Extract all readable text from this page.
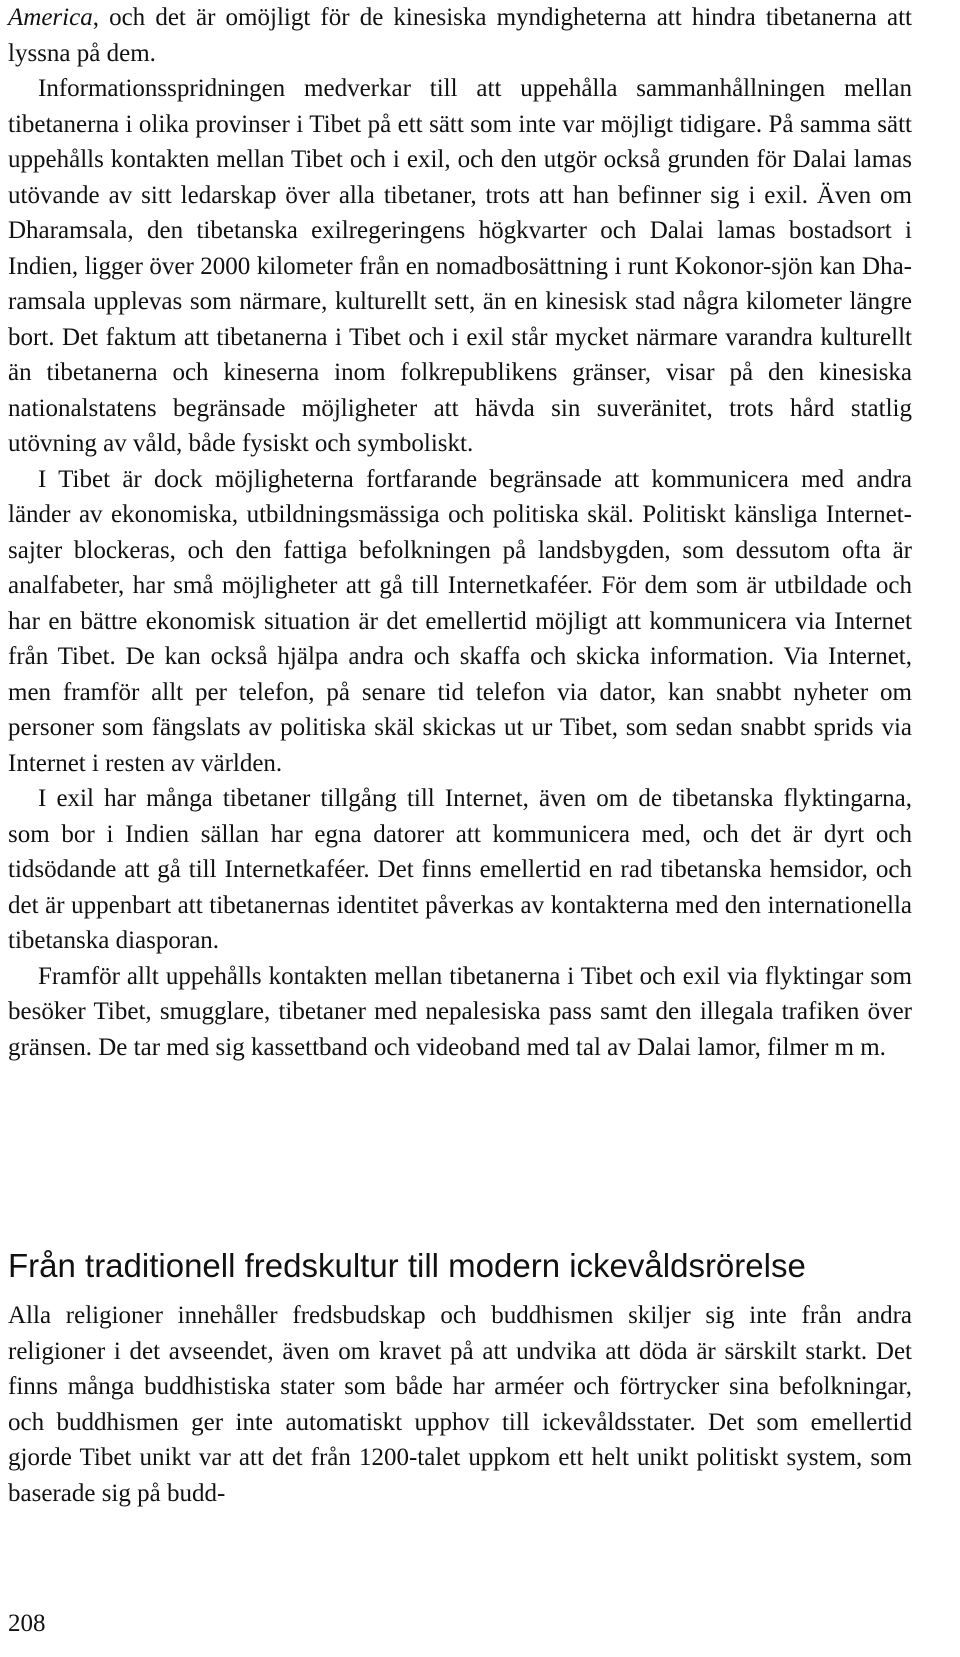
America, och det är omöjligt för de kinesiska myndigheterna att hindra tibetanerna att lyssna på dem.

Informationsspridningen medverkar till att uppehålla sammanhållningen mellan tibetanerna i olika provinser i Tibet på ett sätt som inte var möjligt tidigare. På samma sätt uppehålls kontakten mellan Tibet och i exil, och den utgör också grunden för Dalai lamas utövande av sitt ledarskap över alla tibetaner, trots att han befinner sig i exil. Även om Dharamsala, den tibetanska exilregeringens högkvarter och Dalai lamas bostadsort i Indien, ligger över 2000 kilometer från en nomadbosättning i runt Kokonor-sjön kan Dharamsala upplevas som närmare, kulturellt sett, än en kinesisk stad några kilometer längre bort. Det faktum att tibetanerna i Tibet och i exil står mycket närmare varandra kulturellt än tibetanerna och kineserna inom folkrepublikens gränser, visar på den kinesiska nationalstatens begränsade möjligheter att hävda sin suveränitet, trots hård statlig utövning av våld, både fysiskt och symboliskt.

I Tibet är dock möjligheterna fortfarande begränsade att kommunicera med andra länder av ekonomiska, utbildningsmässiga och politiska skäl. Politiskt känsliga Internet-sajter blockeras, och den fattiga befolkningen på landsbygden, som dessutom ofta är analfabeter, har små möjligheter att gå till Internetkaféer. För dem som är utbildade och har en bättre ekonomisk situation är det emellertid möjligt att kommunicera via Internet från Tibet. De kan också hjälpa andra och skaffa och skicka information. Via Internet, men framför allt per telefon, på senare tid telefon via dator, kan snabbt nyheter om personer som fängslats av politiska skäl skickas ut ur Tibet, som sedan snabbt sprids via Internet i resten av världen.

I exil har många tibetaner tillgång till Internet, även om de tibetanska flyktingarna, som bor i Indien sällan har egna datorer att kommunicera med, och det är dyrt och tidsödande att gå till Internetkaféer. Det finns emellertid en rad tibetanska hemsidor, och det är uppenbart att tibetanernas identitet påverkas av kontakterna med den internationella tibetanska diasporan.

Framför allt uppehålls kontakten mellan tibetanerna i Tibet och exil via flyktingar som besöker Tibet, smugglare, tibetaner med nepalesiska pass samt den illegala trafiken över gränsen. De tar med sig kassettband och videoband med tal av Dalai lamor, filmer m m.

Från traditionell fredskultur till modern ickevåldsrörelse

Alla religioner innehåller fredsbudskap och buddhismen skiljer sig inte från andra religioner i det avseendet, även om kravet på att undvika att döda är särskilt starkt. Det finns många buddhistiska stater som både har arméer och förtrycker sina befolkningar, och buddhismen ger inte automatiskt upphov till ickevåldsstater. Det som emellertid gjorde Tibet unikt var att det från 1200-talet uppkom ett helt unikt politiskt system, som baserade sig på budd-

208
